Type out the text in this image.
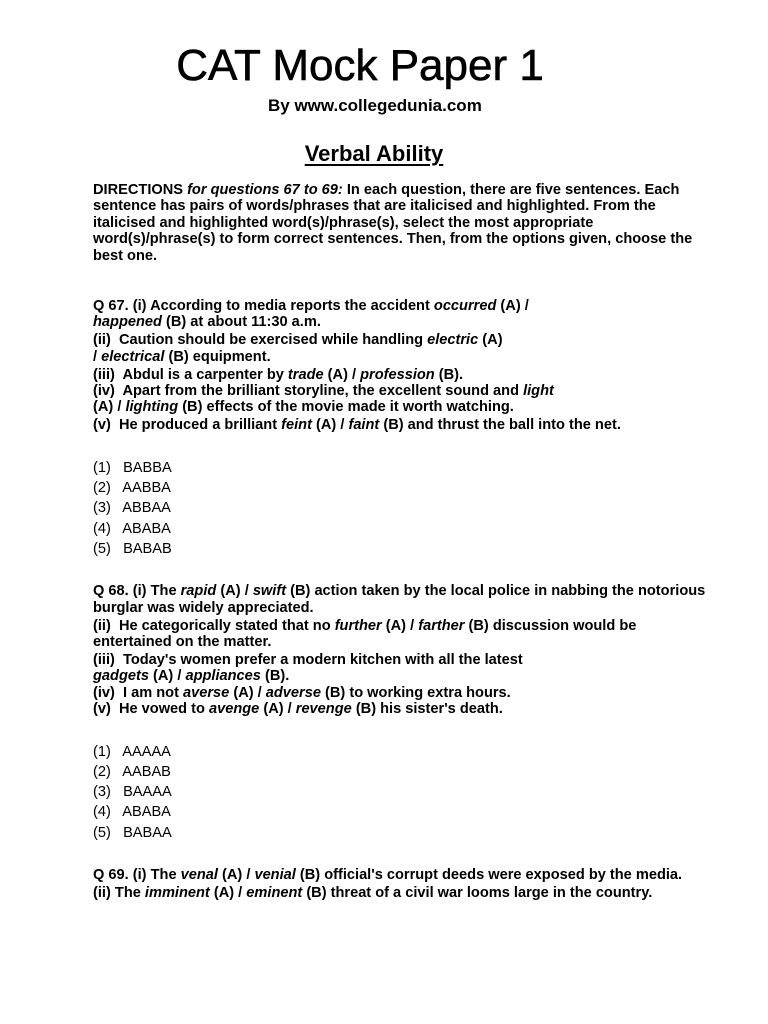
CAT Mock Paper 1
By www.collegedunia.com
Verbal Ability

DIRECTIONS for questions 67 to 69: In each question, there are five sentences. Each sentence has pairs of words/phrases that are italicised and highlighted. From the italicised and highlighted word(s)/phrase(s), select the most appropriate word(s)/phrase(s) to form correct sentences. Then, from the options given, choose the best one.

Q 67. (i) According to media reports the accident occurred (A) /
happened (B) at about 11:30 a.m.

(ii) Caution should be exercised while handling electric (A)
/ electrical (B) equipment.

(iii) Abdul is a carpenter by trade (A) / profession (B).

(iv) Apart from the brilliant storyline, the excellent sound and light
(A) / lighting (B) effects of the movie made it worth watching.

(v) He produced a brilliant feint (A) / faint (B) and thrust the ball into the net.

(1) BABBA
(2) AABBA
(3) ABBAA
(4) ABABA
(5) BABAB

Q 68. (i) The rapid (A) / swift (B) action taken by the local police in nabbing the notorious burglar was widely appreciated.

(ii) He categorically stated that no further (A) / farther (B) discussion would be entertained on the matter.

(iii) Today's women prefer a modern kitchen with all the latest
gadgets (A) / appliances (B).

(iv) I am not averse (A) / adverse (B) to working extra hours.

(v) He vowed to avenge (A) / revenge (B) his sister's death.

(1) AAAAA
(2) AABAB
(3) BAAAA
(4) ABABA
(5) BABAA

Q 69. (i) The venal (A) / venial (B) official's corrupt deeds were exposed by the media.

(ii) The imminent (A) / eminent (B) threat of a civil war looms large in the country.
